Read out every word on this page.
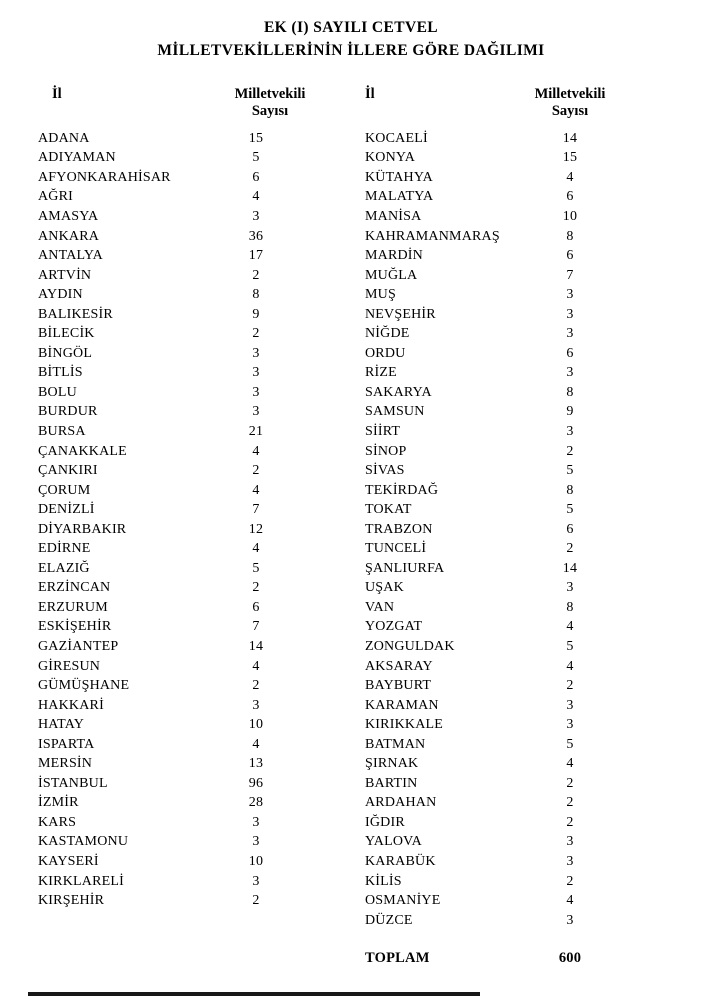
EK (I) SAYILI CETVEL
MİLLETVEKİLLERİNİN İLLERE GÖRE DAĞILIMI
İl	Milletvekili
Sayısı
ADANA	15
ADIYAMAN	5
AFYONKARAHİSAR	6
AĞRI	4
AMASYA	3
ANKARA	36
ANTALYA	17
ARTVİN	2
AYDIN	8
BALIKESİR	9
BİLECİK	2
BİNGÖL	3
BİTLİS	3
BOLU	3
BURDUR	3
BURSA	21
ÇANAKKALE	4
ÇANKIRI	2
ÇORUM	4
DENİZLİ	7
DİYARBAKIR	12
EDİRNE	4
ELAZIĞ	5
ERZİNCAN	2
ERZURUM	6
ESKİŞEHİR	7
GAZİANTEP	14
GİRESUN	4
GÜMÜŞHANE	2
HAKKARİ	3
HATAY	10
ISPARTA	4
MERSİN	13
İSTANBUL	96
İZMİR	28
KARS	3
KASTAMONU	3
KAYSERİ	10
KIRKLARELİ	3
KIRŞEHİR	2
İl	Milletvekili
Sayısı
KOCAELİ	14
KONYA	15
KÜTAHYA	4
MALATYA	6
MANİSA	10
KAHRAMANMARAŞ	8
MARDİN	6
MUĞLA	7
MUŞ	3
NEVŞEHİR	3
NİĞDE	3
ORDU	6
RİZE	3
SAKARYA	8
SAMSUN	9
SİİRT	3
SİNOP	2
SİVAS	5
TEKİRDAĞ	8
TOKAT	5
TRABZON	6
TUNCELİ	2
ŞANLIURFA	14
UŞAK	3
VAN	8
YOZGAT	4
ZONGULDAK	5
AKSARAY	4
BAYBURT	2
KARAMAN	3
KIRIKKALE	3
BATMAN	5
ŞIRNAK	4
BARTIN	2
ARDAHAN	2
IĞDIR	2
YALOVA	3
KARABÜK	3
KİLİS	2
OSMANİYE	4
DÜZCE	3
TOPLAM	600
